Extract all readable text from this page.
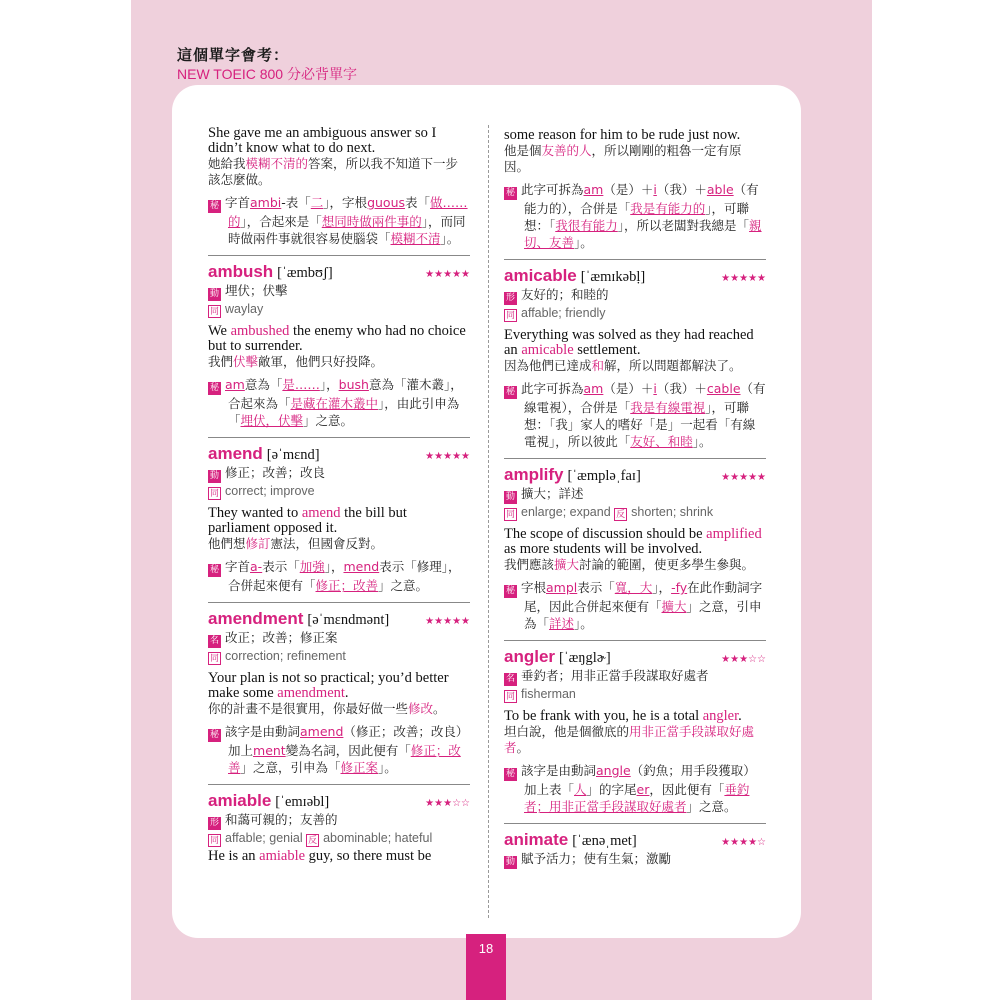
這個單字會考：
NEW TOEIC 800 分必背單字
She gave me an ambiguous answer so I didn’t know what to do next.
她給我模糊不清的答案，所以我不知道下一步該怎麼做。
秘 字首ambi-表「二」，字根guous表「做……的」，合起來是「想同時做兩件事的」，而同時做兩件事就很容易使腦袋「模糊不清」。
ambush [ˈæmbʊʃ]	★★★★★
動 埋伏；伏擊
同 waylay
We ambushed the enemy who had no choice but to surrender.
我們伏擊敵軍，他們只好投降。
秘 am意為「是……」，bush意為「灌木叢」，合起來為「是藏在灌木叢中」，由此引申為「埋伏，伏擊」之意。
amend [əˈmɛnd]	★★★★★
動 修正；改善；改良
同 correct; improve
They wanted to amend the bill but parliament opposed it.
他們想修訂憲法，但國會反對。
秘 字首a-表示「加強」，mend表示「修理」，合併起來便有「修正；改善」之意。
amendment [əˈmɛndmənt]	★★★★★
名 改正；改善；修正案
同 correction; refinement
Your plan is not so practical; you’d better make some amendment.
你的計畫不是很實用，你最好做一些修改。
秘 該字是由動詞amend（修正；改善；改良）加上ment變為名詞，因此便有「修正；改善」之意，引申為「修正案」。
amiable [ˈemɪəbl]	★★★☆☆
形 和藹可親的；友善的
同 affable; genial 反 abominable; hateful
He is an amiable guy, so there must be
some reason for him to be rude just now.
他是個友善的人，所以剛剛的粗魯一定有原因。
秘 此字可拆為am（是）＋i（我）＋able（有能力的），合併是「我是有能力的」，可聯想：「我很有能力」，所以老闆對我總是「親切、友善」。
amicable [ˈæmɪkəbḷ]	★★★★★
形 友好的；和睦的
同 affable; friendly
Everything was solved as they had reached an amicable settlement.
因為他們已達成和解，所以問題都解決了。
秘 此字可拆為am（是）＋i（我）＋cable（有線電視），合併是「我是有線電視」，可聯想：「我」家人的嗜好「是」一起看「有線電視」，所以彼此「友好、和睦」。
amplify [ˈæmpləˌfaɪ]	★★★★★
動 擴大；詳述
同 enlarge; expand 反 shorten; shrink
The scope of discussion should be amplified as more students will be involved.
我們應該擴大討論的範圍，使更多學生參與。
秘 字根ampl表示「寬，大」，-fy在此作動詞字尾，因此合併起來便有「擴大」之意，引申為「詳述」。
angler [ˈæŋglɚ]	★★★☆☆
名 垂釣者；用非正當手段謀取好處者
同 fisherman
To be frank with you, he is a total angler.
坦白說，他是個徹底的用非正當手段謀取好處者。
秘 該字是由動詞angle（釣魚；用手段獲取）加上表「人」的字尾er，因此便有「垂釣者；用非正當手段謀取好處者」之意。
animate [ˈænəˌmet]	★★★★☆
動 賦予活力；使有生氣；激勵
18
